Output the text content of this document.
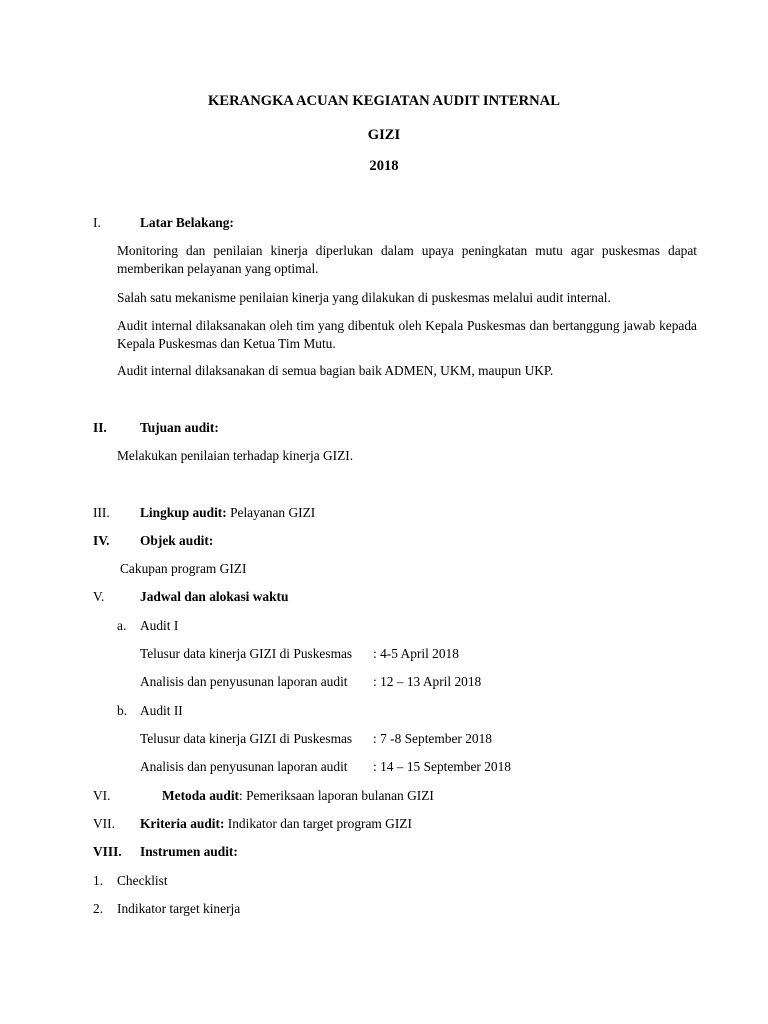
KERANGKA ACUAN KEGIATAN AUDIT INTERNAL
GIZI
2018
I.	Latar Belakang:
Monitoring dan penilaian kinerja diperlukan dalam upaya peningkatan mutu agar puskesmas dapat memberikan pelayanan yang optimal.
Salah satu mekanisme penilaian kinerja yang dilakukan di puskesmas melalui audit internal.
Audit internal dilaksanakan oleh tim yang dibentuk oleh Kepala Puskesmas dan bertanggung jawab kepada Kepala Puskesmas dan Ketua Tim Mutu.
Audit internal dilaksanakan di semua bagian baik ADMEN, UKM, maupun UKP.
II. Tujuan audit:
Melakukan penilaian terhadap kinerja GIZI.
III. Lingkup audit: Pelayanan GIZI
IV. Objek audit:
Cakupan program GIZI
V.	Jadwal dan alokasi waktu
a. Audit I
Telusur data kinerja GIZI di Puskesmas : 4-5 April 2018
Analisis dan penyusunan laporan audit : 12 – 13 April 2018
b. Audit II
Telusur data kinerja GIZI di Puskesmas : 7 -8 September 2018
Analisis dan penyusunan laporan audit : 14 – 15 September 2018
VI.	Metoda audit: Pemeriksaan laporan bulanan GIZI
VII. Kriteria audit: Indikator dan target program GIZI
VIII. Instrumen audit:
1. Checklist
2. Indikator target kinerja
